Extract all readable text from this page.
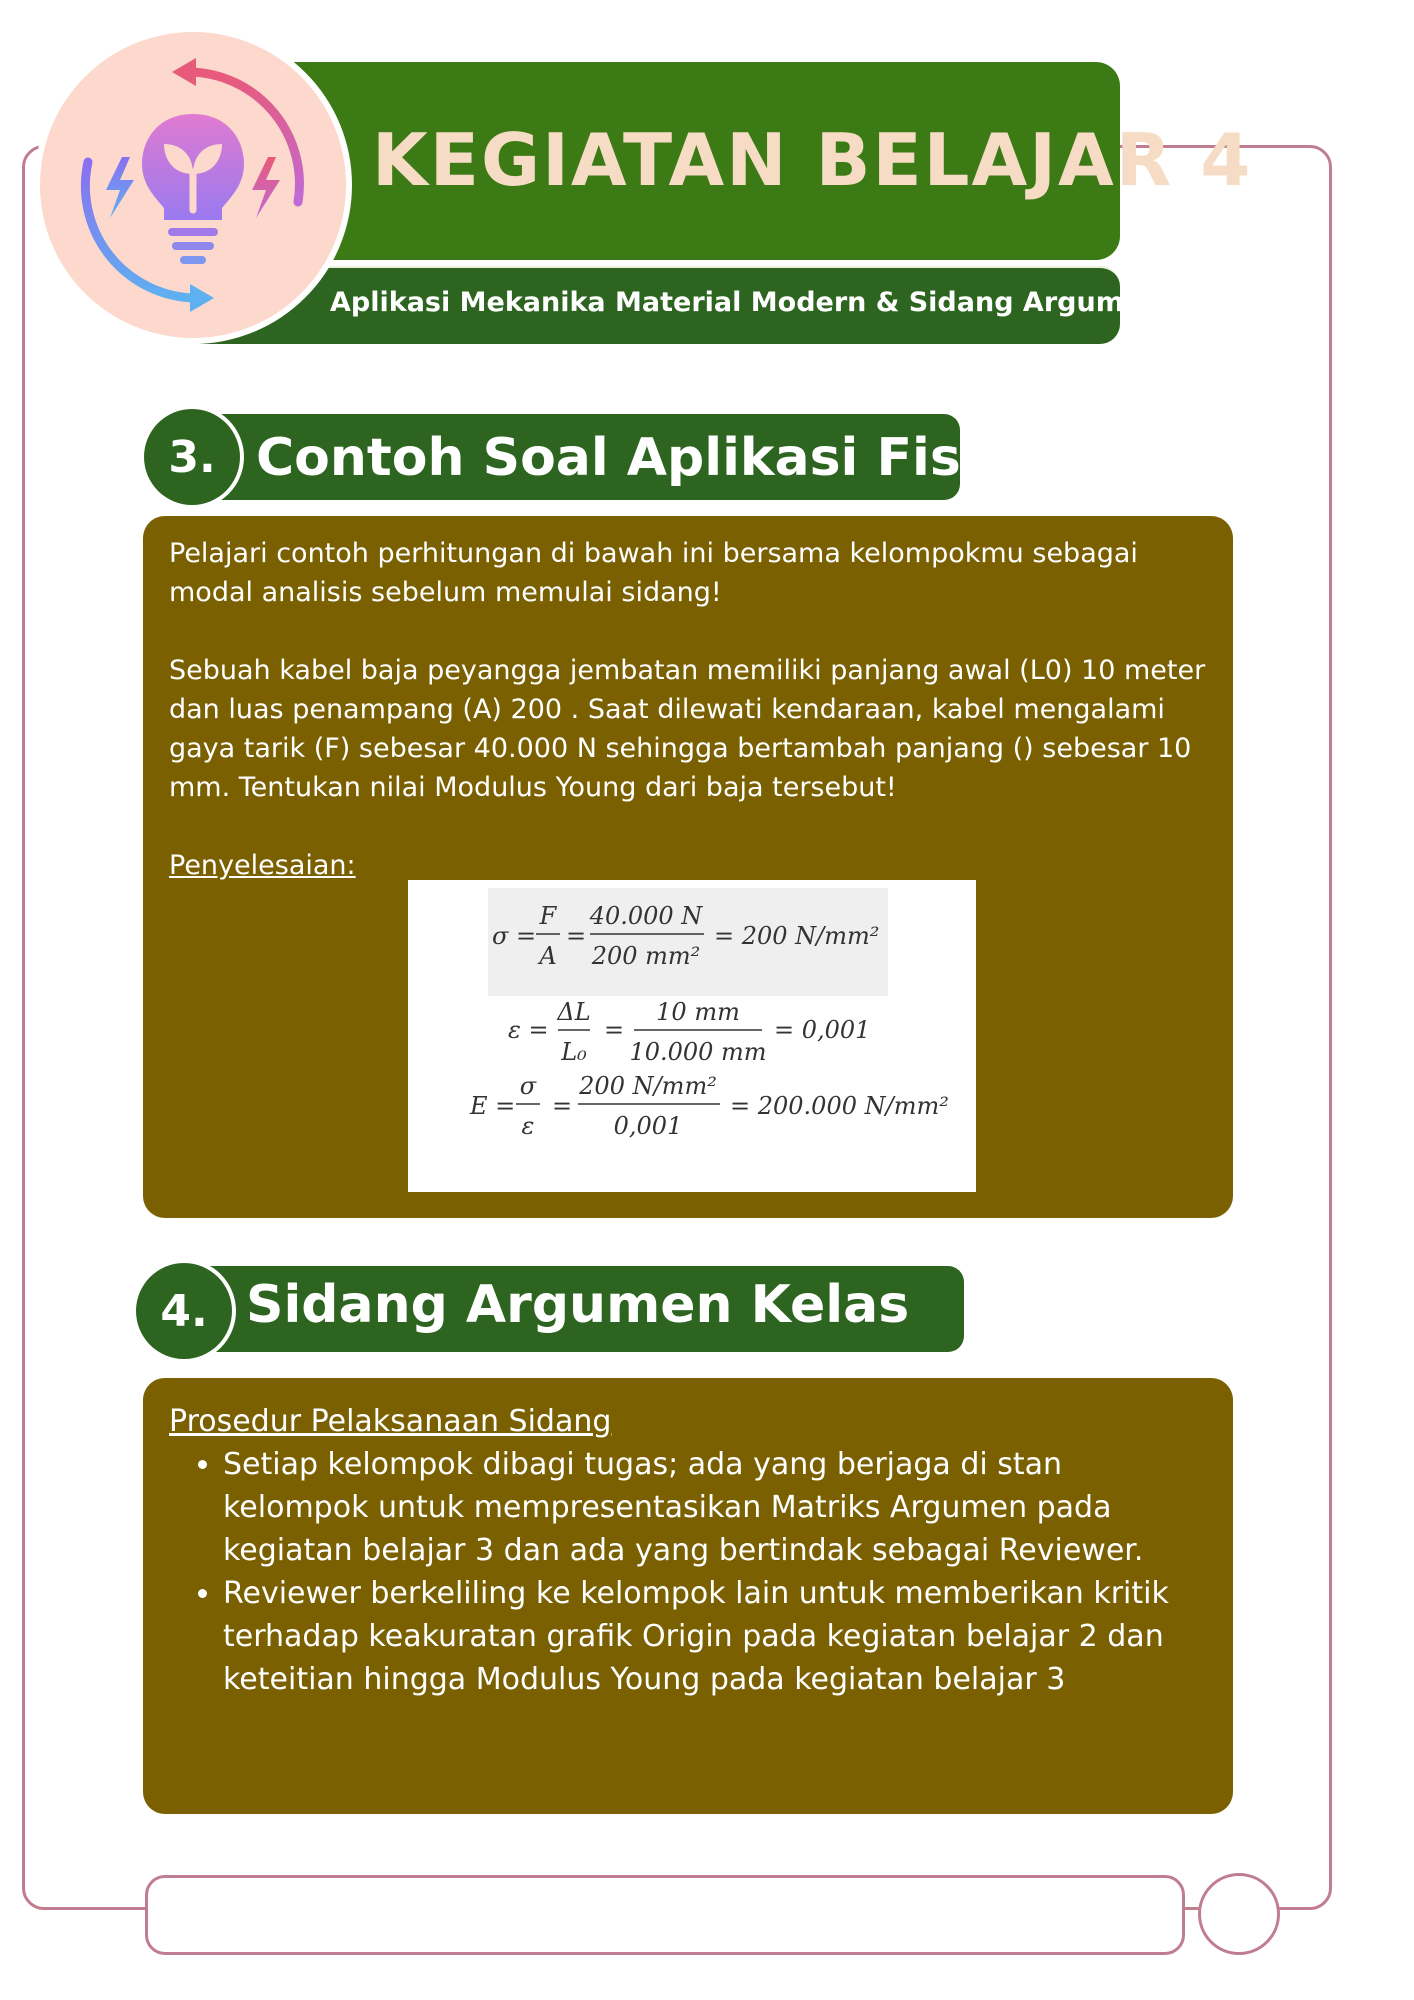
KEGIATAN BELAJAR 4
Aplikasi Mekanika Material Modern & Sidang Argumen
3. Contoh Soal Aplikasi Fisis

Pelajari contoh perhitungan di bawah ini bersama kelompokmu sebagai modal analisis sebelum memulai sidang!

Sebuah kabel baja peyangga jembatan memiliki panjang awal (L0) 10 meter dan luas penampang (A) 200 . Saat dilewati kendaraan, kabel mengalami gaya tarik (F) sebesar 40.000 N sehingga bertambah panjang () sebesar 10 mm. Tentukan nilai Modulus Young dari baja tersebut!

Penyelesaian:

σ =
F
A
=
40.000 N
200 mm²
= 200 N/mm²
ε =
ΔL
L₀
=
10 mm
10.000 mm
= 0,001
E =
σ
ε
=
200 N/mm²
0,001
= 200.000 N/mm²
4. Sidang Argumen Kelas

Prosedur Pelaksanaan Sidang

• Setiap kelompok dibagi tugas; ada yang berjaga di stan kelompok untuk mempresentasikan Matriks Argumen pada kegiatan belajar 3 dan ada yang bertindak sebagai Reviewer.
• Reviewer berkeliling ke kelompok lain untuk memberikan kritik terhadap keakuratan grafik Origin pada kegiatan belajar 2 dan keteitian hingga Modulus Young pada kegiatan belajar 3
